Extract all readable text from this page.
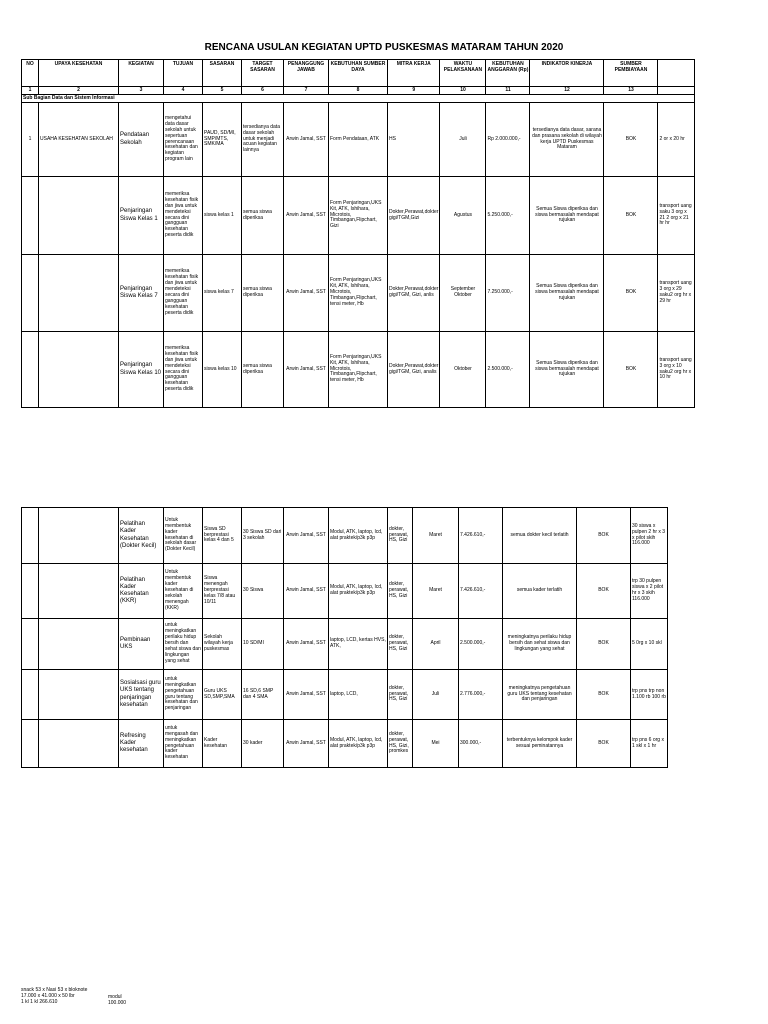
RENCANA USULAN KEGIATAN UPTD PUSKESMAS MATARAM TAHUN 2020
NO	UPAYA KESEHATAN	KEGIATAN	TUJUAN	SASARAN	TARGET SASARAN	PENANGGUNG JAWAB	KEBUTUHAN SUMBER DAYA	MITRA KERJA	WAKTU PELAKSANAAN	KEBUTUHAN ANGGARAN (Rp)	INDIKATOR KINERJA	SUMBER PEMBIAYAAN	
1	2	3	4	5	6	7	8	9	10	11	12	13	
Sub Bagian Data dan Sistem Informasi													
1	USAHA KESEHATAN SEKOLAH	Pendataan Sekolah	mengetahui data dasar sekolah untuk sepertuan perencanaan kesehatan dan kegiatan program lain	PAUD, SD/MI, SMP/MTS, SMK/MA	tersedianya data dasar sekolah untuk menjadi acuan kegiatan lainnya	Arwin Jamal, SST	Form Pendataan, ATK	HS	Juli	Rp 2.000.000,-	tersedianya data dasar, sarana dan prasana sekolah di wilayah kerja UPTD Puskesmas Mataram	BOK	2 or x 20 hr
		Penjaringan Siswa Kelas 1	memeriksa kesehatan fisik dan jiwa untuk mendeteksi secara dini gangguan kesehatan peserta didik	siswa kelas 1	semua siswa diperiksa	Arwin Jamal, SST	Form Penjaringan,UKS Kit, ATK, Ishihara, Microtois, Timbangan,Flipchart, Gizi	Dokter,Perawat,dokter gigi/TGM,Gizi	Agustus	5.250.000,-	Semua Siswa diperiksa dan siswa bermasalah mendapat rujukan	BOK	transport uang saku 3 org x 21 2 org x 21 hr hr
		Penjaringan Siswa Kelas 7	memeriksa kesehatan fisik dan jiwa untuk mendeteksi secara dini gangguan kesehatan peserta didik	siswa kelas 7	semua siswa diperiksa	Arwin Jamal, SST	Form Penjaringan,UKS Kit, ATK, Ishihara, Microtois, Timbangan,Flipchart, tensi meter, Hb	Dokter,Perawat,dokter gigi/TGM, Gizi, anlis	September Oktober	7.250.000,-	Semua Siswa diperiksa dan siswa bermasalah mendapat rujukan	BOK	transport uang 3 org x 29 saku2 org hr x 29 hr
		Penjaringan Siswa Kelas 10	memeriksa kesehatan fisik dan jiwa untuk mendeteksi secara dini gangguan kesehatan peserta didik	siswa kelas 10	semua siswa diperiksa	Arwin Jamal, SST	Form Penjaringan,UKS Kit, ATK, Ishihara, Microtois, Timbangan,Flipchart, tensi meter, Hb	Dokter,Perawat,dokter gigi/TGM, Gizi, analis	Oktober	2.500.000,-	Semua Siswa diperiksa dan siswa bermasalah mendapat rujukan	BOK	transport uang 3 org x 10 saku2 org hr x 10 hr
		Pelatihan Kader Kesehatan (Dokter Kecil)	Untuk membentuk kader kesehatan di sekolah dasar (Dokter Kecil)	Siswa SD berprestasi kelas 4 dan 5	30 Siswa SD dari 3 sekolah	Arwin Jamal, SST	Modul, ATK, laptop, lcd, alat praktek/p3k p3p	dokter, perawat, HS, Gizi	Maret	7.426.610,-	semua dokter kecil terlatih	BOK	30 siswa x pulpen 2 hr x 3 x pilot skih 116.000
		Pelatihan Kader Kesehatan (KKR)	Untuk membentuk kader kesehatan di sekolah menengah (KKR)	Siswa menengah berprestasi kelas 7/8 atau 10/11	30 Siswa	Arwin Jamal, SST	Modul, ATK, laptop, lcd, alat praktek/p3k p3p	dokter, perawat, HS, Gizi	Maret	7.426.610,-	semua kader terlatih	BOK	trp 30 pulpen siswa x 2 pilot hr x 3 skih 116.000
		Pembinaan UKS	untuk meningkatkan perilaku hidup bersih dan sehat siswa dan lingkungan yang sehat	Sekolah wilayah kerja puskesmas	10 SD/MI	Arwin Jamal, SST	laptop, LCD, kertas HVS, ATK,	dokter, perawat, HS, Gizi	April	2.500.000,-	meningkatnya perilaku hidup bersih dan sehat siswa dan lingkungan yang sehat	BOK	5 0rg x 10 skl
		Sosialsasi guru UKS tentang penjaringan kesehatan	untuk meningkatkan pengetahuan guru tentang kesehatan dan penjaringan	Guru UKS SD,SMP,SMA	16 SD,6 SMP dan 4 SMA	Arwin Jamal, SST	laptop, LCD,	dokter, perawat, HS, Gizi	Juli	2.776.000,-	meningkatnya pengetahuan guru UKS tentang kesehatan dan penjaringan	BOK	trp pns trp non 1.100 rb 100 rb
		Refresing Kader kesehatan	untuk mengasah dan meningkatkan pengetahuan kader kesehatan	Kader kesehatan	30 kader	Arwin Jamal, SST	Modul, ATK, laptop, lcd, alat praktek/p3k p3p	dokter, perawat, HS, Gizi, promkes	Mei	300.000,-	terbentuknya kelompok kader sesuai peminatannya	BOK	trp pns 6 org x 1 skl x 1 hr
snack 53 x Nasi 53 x bloknote
17.000 x 41.000 x 50 lbr
1 kl 1 kl 266.610
modul
100.000
